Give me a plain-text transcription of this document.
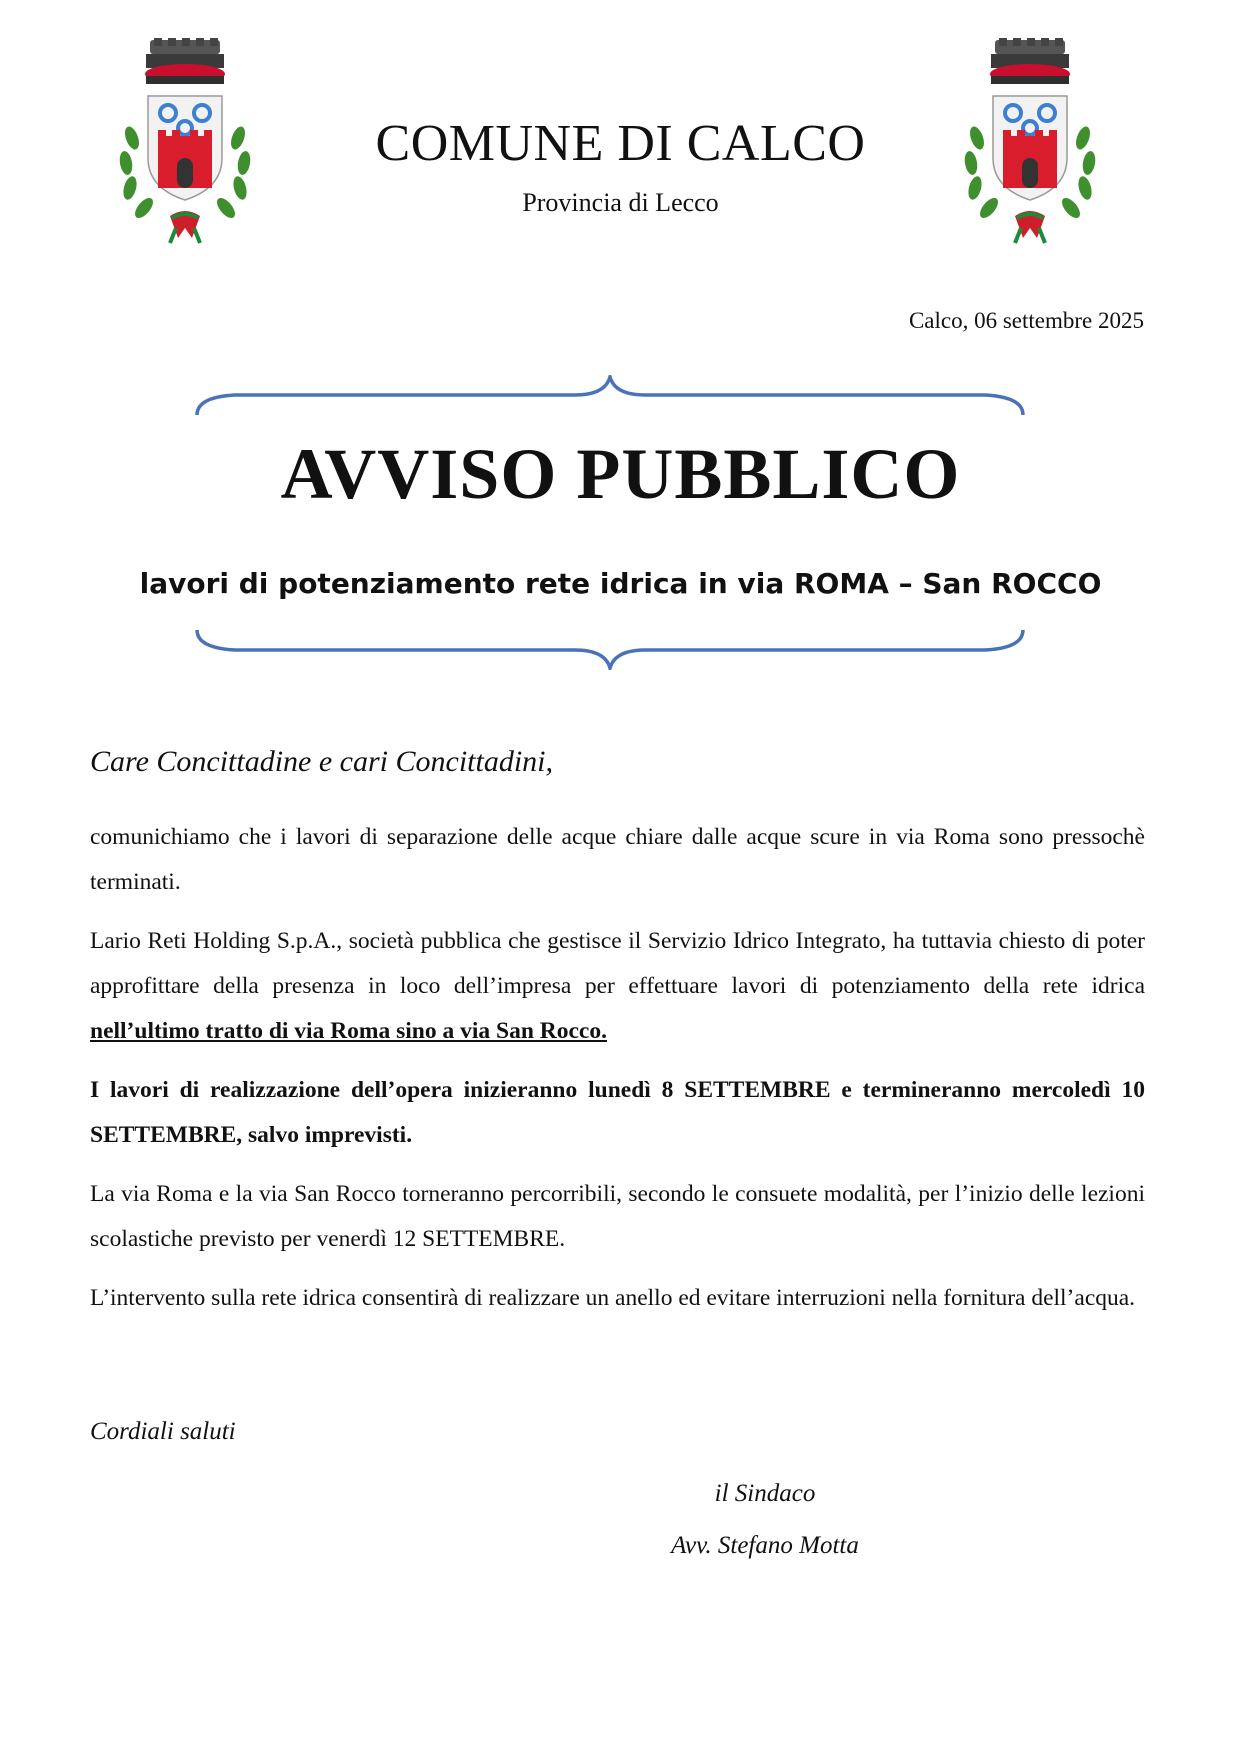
COMUNE DI CALCO
Provincia di Lecco
Calco, 06 settembre 2025
AVVISO PUBBLICO
lavori di potenziamento rete idrica in via ROMA – San ROCCO
Care Concittadine e cari Concittadini,

comunichiamo che i lavori di separazione delle acque chiare dalle acque scure in via Roma sono pressochè terminati.

Lario Reti Holding S.p.A., società pubblica che gestisce il Servizio Idrico Integrato, ha tuttavia chiesto di poter approfittare della presenza in loco dell’impresa per effettuare lavori di potenziamento della rete idrica nell’ultimo tratto di via Roma sino a via San Rocco.

I lavori di realizzazione dell’opera inizieranno lunedì 8 SETTEMBRE e termineranno mercoledì 10 SETTEMBRE, salvo imprevisti.

La via Roma e la via San Rocco torneranno percorribili, secondo le consuete modalità, per l’inizio delle lezioni scolastiche previsto per venerdì 12 SETTEMBRE.

L’intervento sulla rete idrica consentirà di realizzare un anello ed evitare interruzioni nella fornitura dell’acqua.

Cordiali saluti
il Sindaco
Avv. Stefano Motta
